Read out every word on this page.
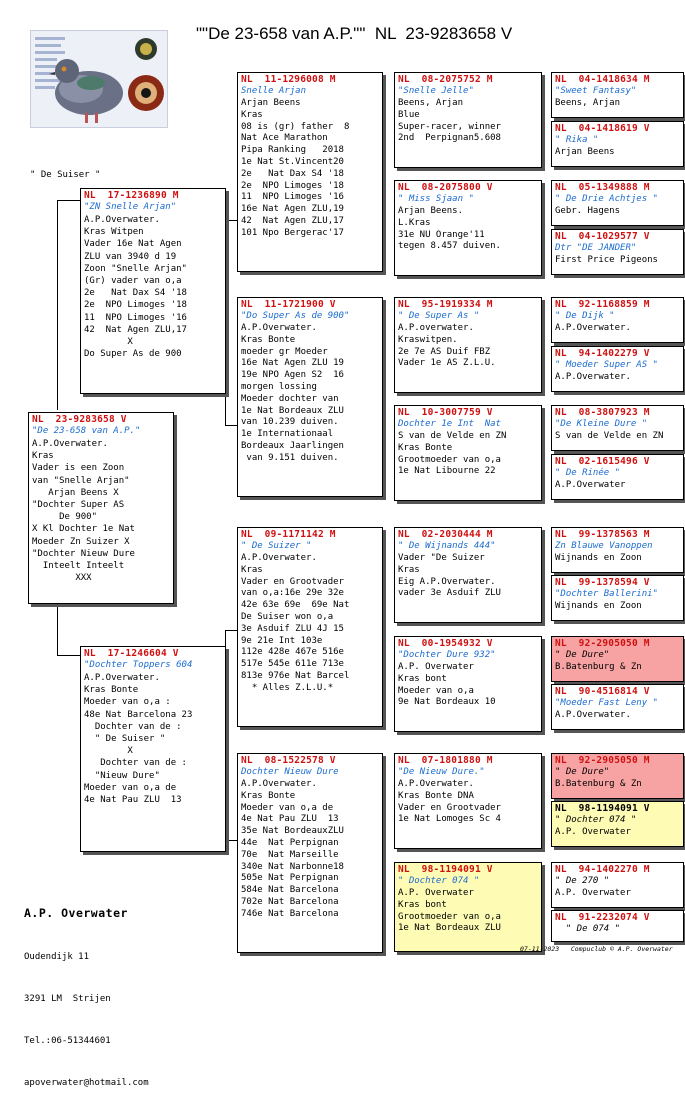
""De 23-658 van A.P.""  NL  23-9283658 V
" De Suiser "
NL  23-9283658 V
"De 23-658 van A.P."
A.P.Overwater.
Kras
Vader is een Zoon
van "Snelle Arjan"
Arjan Beens X
"Dochter Super AS
De 900"
X Kl Dochter 1e Nat
Moeder Zn Suizer X
"Dochter Nieuw Dure
Inteelt Inteelt
XXX
NL  17-1236890 M
"ZN Snelle Arjan"
A.P.Overwater.
Kras Witpen
Vader 16e Nat Agen
ZLU van 3940 d 19
Zoon "Snelle Arjan"
(Gr) vader van o,a
2e   Nat Dax S4 '18
2e  NPO Limoges '18
11  NPO Limoges '16
42  Nat Agen ZLU,17
X
Do Super As de 900
NL  17-1246604 V
"Dochter Toppers 604
A.P.Overwater.
Kras Bonte
Moeder van o,a :
48e Nat Barcelona 23
Dochter van de :
" De Suiser "
X
Dochter van de :
"Nieuw Dure"
Moeder van o,a de
4e Nat Pau ZLU  13
NL  11-1296008 M
Snelle Arjan
Arjan Beens
Kras
08 is (gr) father  8
Nat Ace Marathon
Pipa Ranking   2018
1e Nat St.Vincent20
2e   Nat Dax S4 '18
2e  NPO Limoges '18
11  NPO Limoges '16
16e Nat Agen ZLU,19
42  Nat Agen ZLU,17
101 Npo Bergerac'17
NL  11-1721900 V
"Do Super As de 900"
A.P.Overwater.
Kras Bonte
moeder gr Moeder
16e Nat Agen ZLU 19
19e NPO Agen S2  16
morgen lossing
Moeder dochter van
1e Nat Bordeaux ZLU
van 10.239 duiven.
1e Internationaal
Bordeaux Jaarlingen
van 9.151 duiven.
NL  09-1171142 M
" De Suizer "
A.P.Overwater.
Kras
Vader en Grootvader
van o,a:16e 29e 32e
42e 63e 69e  69e Nat
De Suiser won o,a
3e Asduif ZLU 4J 15
9e 21e Int 103e
112e 428e 467e 516e
517e 545e 611e 713e
813e 976e Nat Barcel
* Alles Z.L.U.*
NL  08-1522578 V
Dochter Nieuw Dure
A.P.Overwater.
Kras Bonte
Moeder van o,a de
4e Nat Pau ZLU  13
35e Nat BordeauxZLU
44e  Nat Perpignan
70e  Nat Marseille
340e Nat Narbonne18
505e Nat Perpignan
584e Nat Barcelona
702e Nat Barcelona
746e Nat Barcelona
NL  08-2075752 M
"Snelle Jelle"
Beens, Arjan
Blue
Super-racer, winner
2nd  Perpignan5.608
NL  08-2075800 V
" Miss Sjaan "
Arjan Beens.
L.Kras
31e NU Orange'11
tegen 8.457 duiven.
NL  95-1919334 M
" De Super As "
A.P.overwater.
Kraswitpen.
2e 7e AS Duif FBZ
Vader 1e AS Z.L.U.
NL  10-3007759 V
Dochter 1e Int  Nat
S van de Velde en ZN
Kras Bonte
Grootmoeder van o,a
1e Nat Libourne 22
NL  02-2030444 M
" De Wijnands 444"
Vader "De Suizer
Kras
Eig A.P.Overwater.
vader 3e Asduif ZLU
NL  00-1954932 V
"Dochter Dure 932"
A.P. Overwater
Kras bont
Moeder van o,a
9e Nat Bordeaux 10
NL  07-1801880 M
"De Nieuw Dure."
A.P.Overwater.
Kras Bonte DNA
Vader en Grootvader
1e Nat Lomoges Sc 4
NL  98-1194091 V
" Dochter 074 "
A.P. Overwater
Kras bont
Grootmoeder van o,a
1e Nat Bordeaux ZLU
NL  04-1418634 M
"Sweet Fantasy"
Beens, Arjan
NL  04-1418619 V
" Rika "
Arjan Beens
NL  05-1349888 M
" De Drie Achtjes "
Gebr. Hagens
NL  04-1029577 V
Dtr "DE JANDER"
First Price Pigeons
NL  92-1168859 M
" De Dijk "
A.P.Overwater.
NL  94-1402279 V
" Moeder Super AS "
A.P.Overwater.
NL  08-3807923 M
"De Kleine Dure "
S van de Velde en ZN
NL  02-1615496 V
" De Rinée "
A.P.Overwater
NL  99-1378563 M
Zn Blauwe Vanoppen
Wijnands en Zoon
NL  99-1378594 V
"Dochter Ballerini"
Wijnands en Zoon
NL  92-2905050 M
" De Dure"
B.Batenburg & Zn
NL  90-4516814 V
"Moeder Fast Leny "
A.P.Overwater.
NL  92-2905050 M
" De Dure"
B.Batenburg & Zn
NL  98-1194091 V
" Dochter 074 "
A.P. Overwater
NL  94-1402270 M
" De 270 "
A.P. Overwater
NL  91-2232074 V
" De 074 "

A.P. Overwater

Oudendijk 11

3291 LM  Strijen

Tel.:06-51344601

apoverwater@hotmail.com

07-11-2023   Compuclub © A.P. Overwater
